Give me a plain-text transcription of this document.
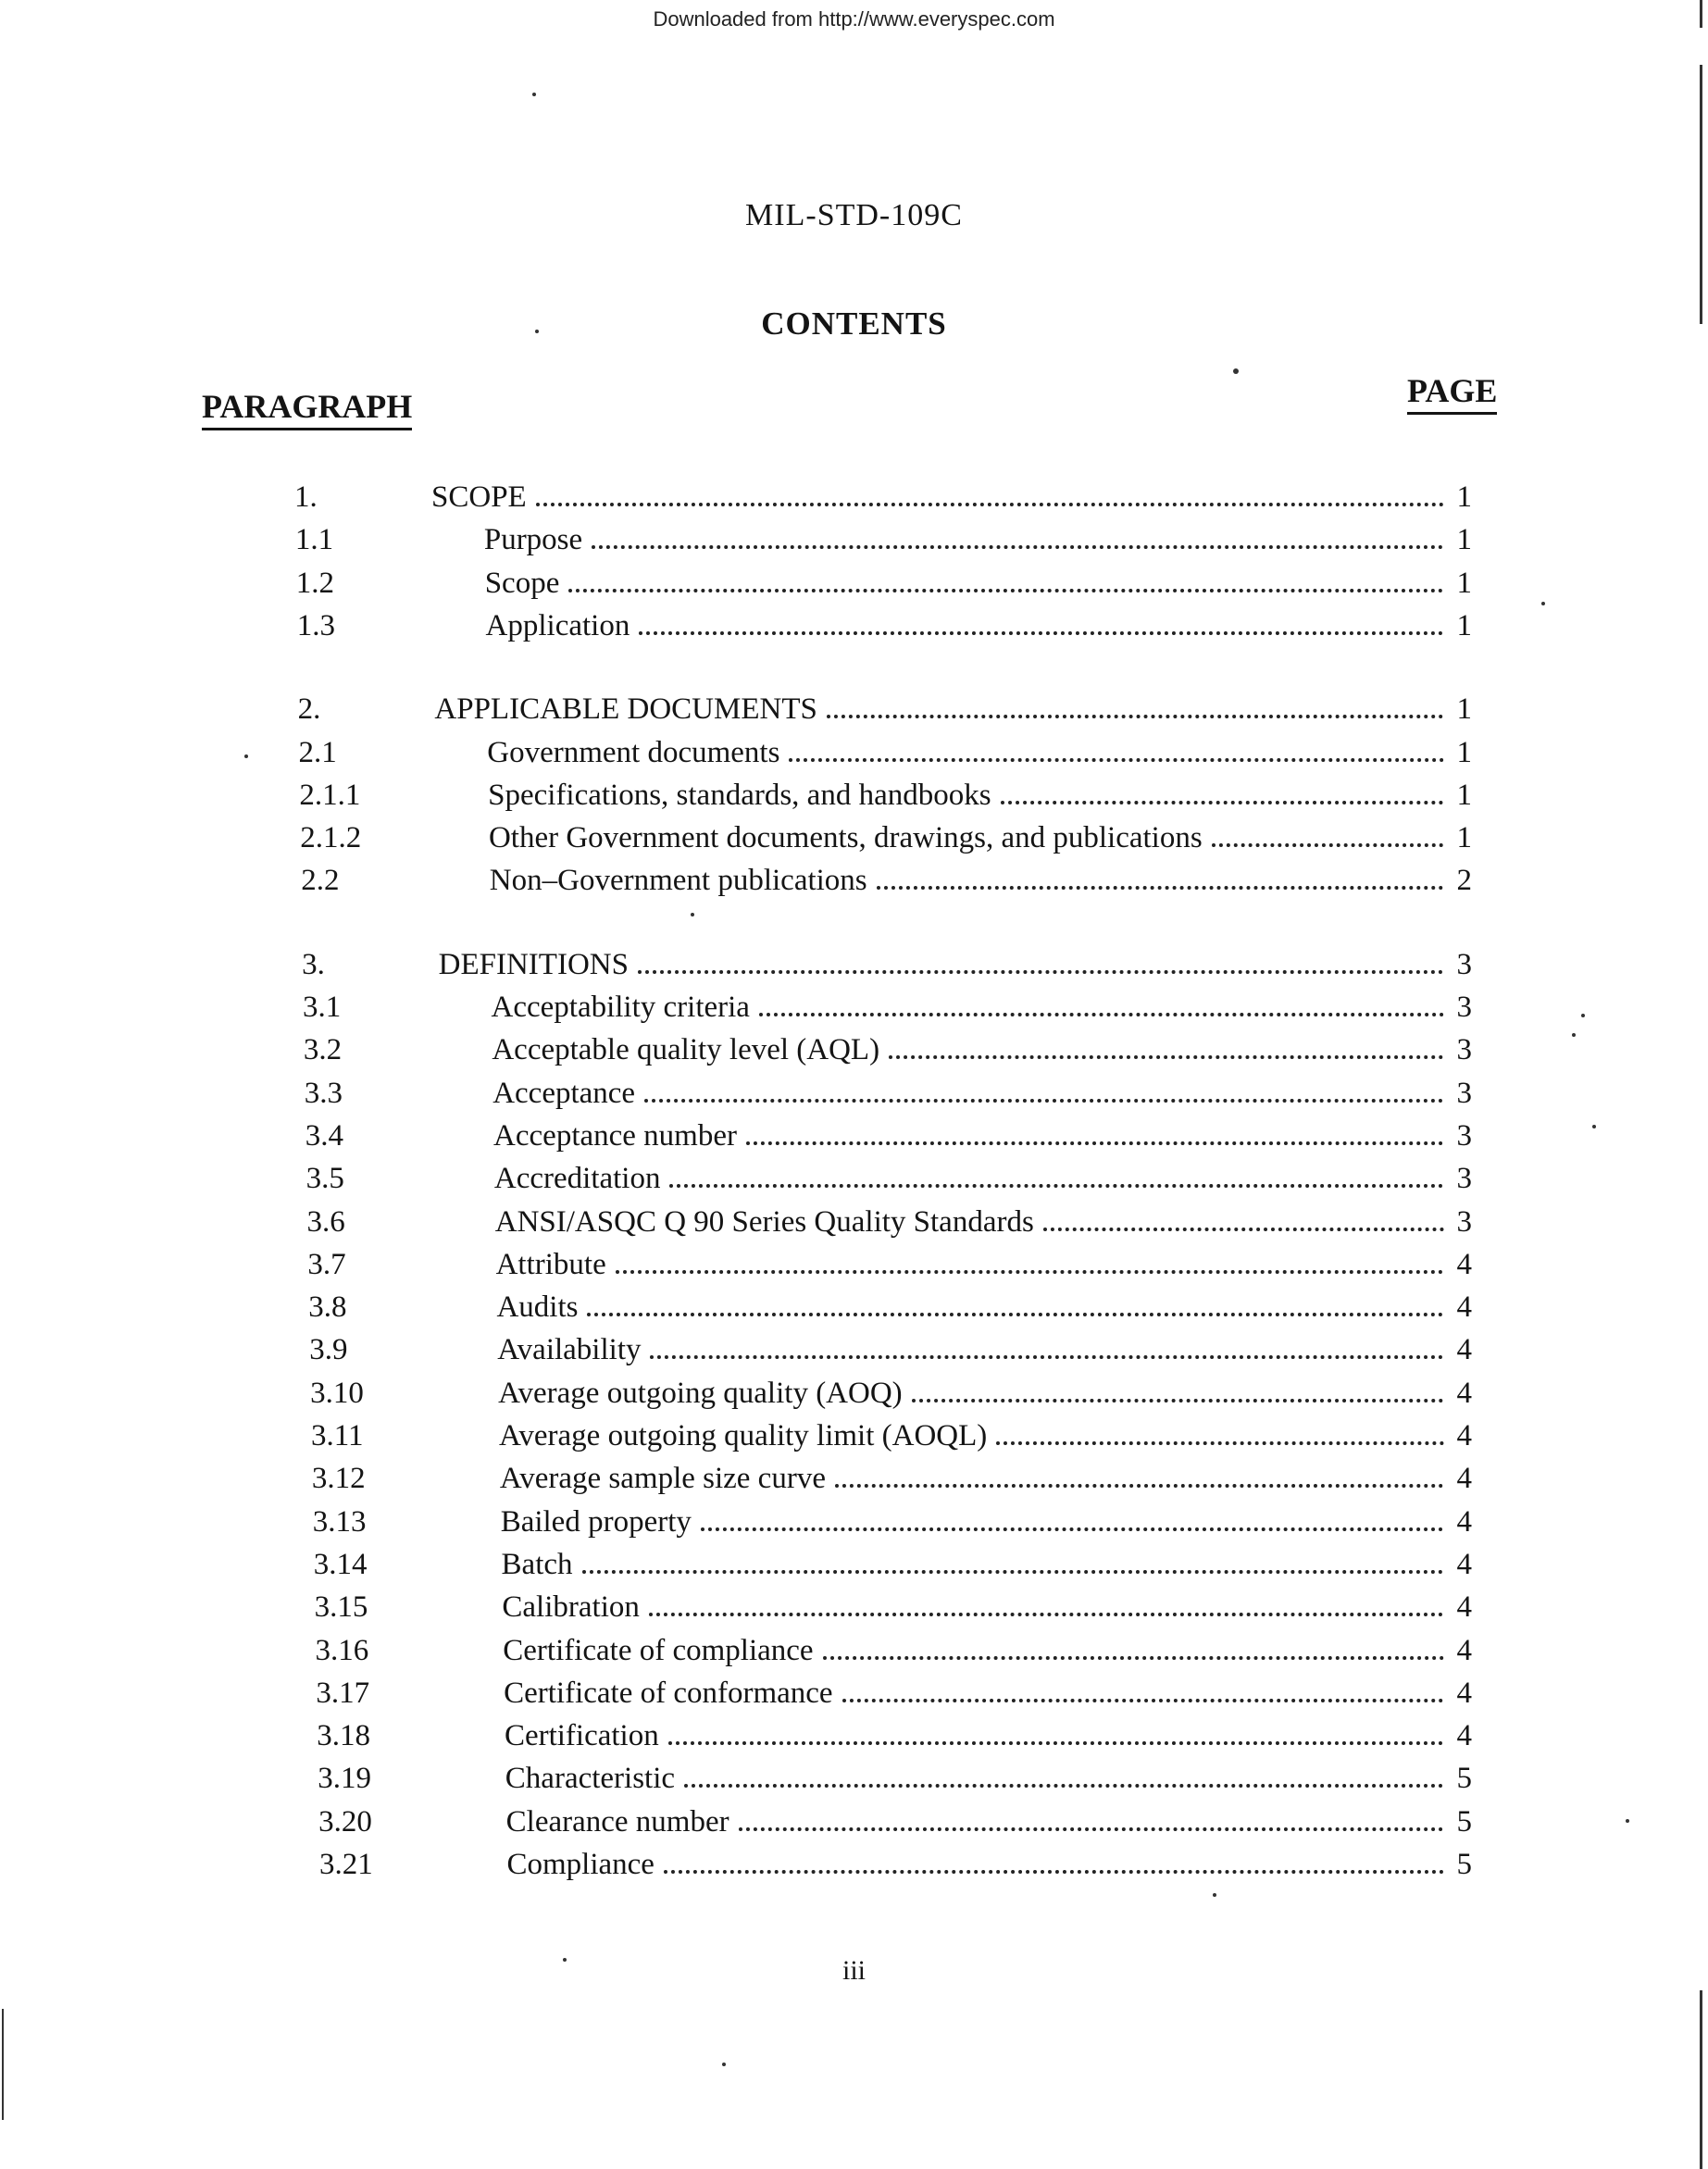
Downloaded from http://www.everyspec.com
MIL-STD-109C
CONTENTS
PARAGRAPH	PAGE
1.	SCOPE	1
1.1	Purpose	1
1.2	Scope	1
1.3	Application	1
2.	APPLICABLE DOCUMENTS	1
2.1	Government documents	1
2.1.1	Specifications, standards, and handbooks	1
2.1.2	Other Government documents, drawings, and publications	1
2.2	Non–Government publications	2
3.	DEFINITIONS	3
3.1	Acceptability criteria	3
3.2	Acceptable quality level (AQL)	3
3.3	Acceptance	3
3.4	Acceptance number	3
3.5	Accreditation	3
3.6	ANSI/ASQC Q 90 Series Quality Standards	3
3.7	Attribute	4
3.8	Audits	4
3.9	Availability	4
3.10	Average outgoing quality (AOQ)	4
3.11	Average outgoing quality limit (AOQL)	4
3.12	Average sample size curve	4
3.13	Bailed property	4
3.14	Batch	4
3.15	Calibration	4
3.16	Certificate of compliance	4
3.17	Certificate of conformance	4
3.18	Certification	4
3.19	Characteristic	5
3.20	Clearance number	5
3.21	Compliance	5
iii
